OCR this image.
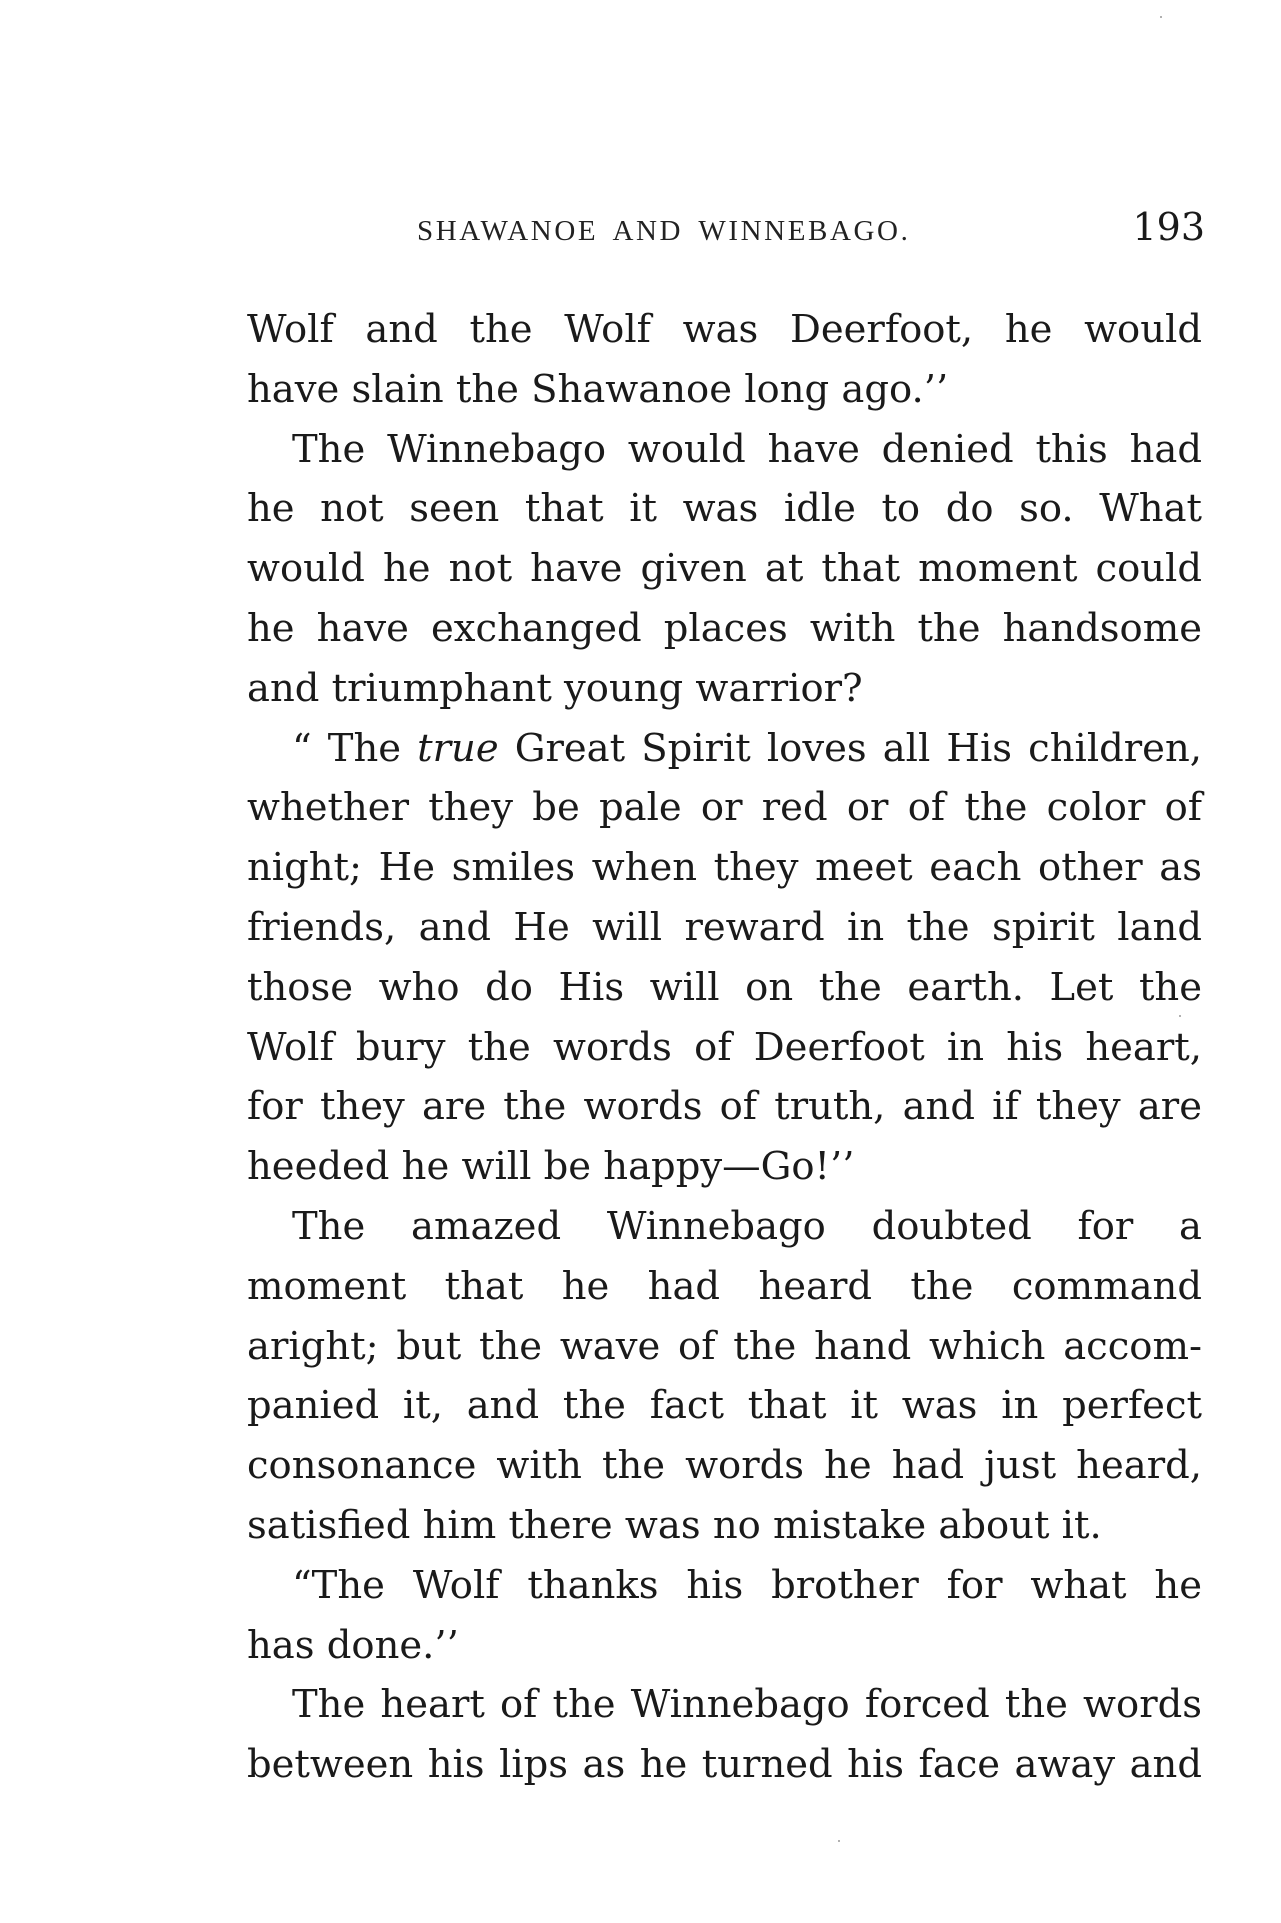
SHAWANOE AND WINNEBAGO.	193
Wolf and the Wolf was Deerfoot, he would
have slain the Shawanoe long ago.’’
The Winnebago would have denied this had
he not seen that it was idle to do so. What
would he not have given at that moment could
he have exchanged places with the handsome
and triumphant young warrior?
“ The true Great Spirit loves all His children,
whether they be pale or red or of the color of
night; He smiles when they meet each other as
friends, and He will reward in the spirit land
those who do His will on the earth. Let the
Wolf bury the words of Deerfoot in his heart,
for they are the words of truth, and if they are
heeded he will be happy—Go!’’
The amazed Winnebago doubted for a
moment that he had heard the command
aright; but the wave of the hand which accom-
panied it, and the fact that it was in perfect
consonance with the words he had just heard,
satisfied him there was no mistake about it.
“The Wolf thanks his brother for what he
has done.’’
The heart of the Winnebago forced the words
between his lips as he turned his face away and
